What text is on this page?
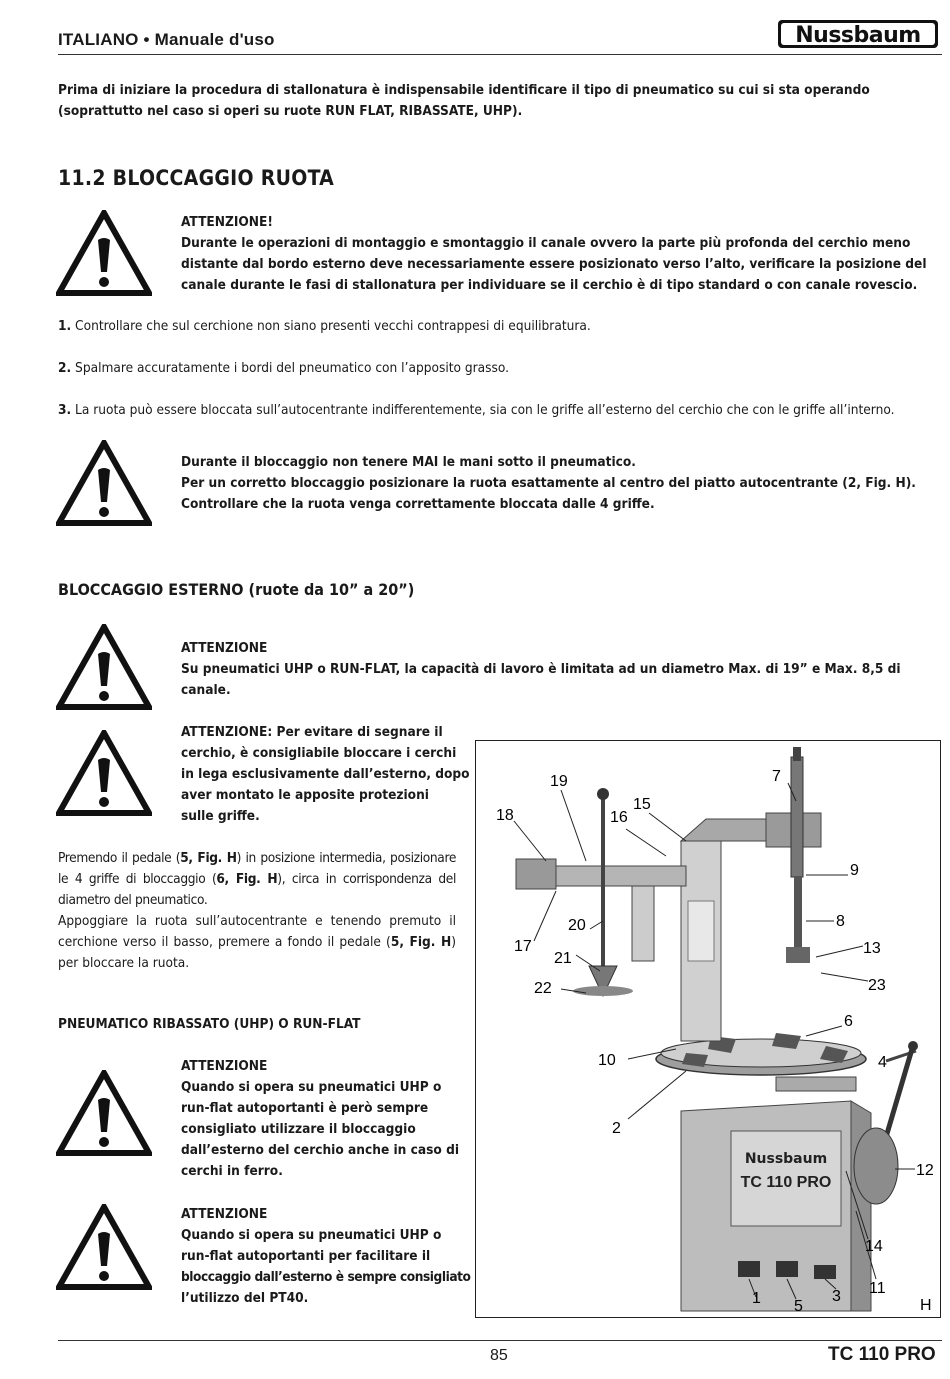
ITALIANO • Manuale d'uso	Nussbaum
Prima di iniziare la procedura di stallonatura è indispensabile identificare il tipo di pneumatico su cui si sta operando (soprattutto nel caso si operi su ruote RUN FLAT, RIBASSATE, UHP).
11.2 BLOCCAGGIO RUOTA
ATTENZIONE!
Durante le operazioni di montaggio e smontaggio il canale ovvero la parte più profonda del cerchio meno distante dal bordo esterno deve necessariamente essere posizionato verso l’alto, verificare la posizione del canale durante le fasi di stallonatura per individuare se il cerchio è di tipo standard o con canale rovescio.
1. Controllare che sul cerchione non siano presenti vecchi contrappesi di equilibratura.
2. Spalmare accuratamente i bordi del pneumatico con l’apposito grasso.
3. La ruota può essere bloccata sull’autocentrante indifferentemente, sia con le griffe all’esterno del cerchio che con le griffe all’interno.
Durante il bloccaggio non tenere MAI le mani sotto il pneumatico.
Per un corretto bloccaggio posizionare la ruota esattamente al centro del piatto autocentrante (2, Fig. H).
Controllare che la ruota venga correttamente bloccata dalle 4 griffe.
BLOCCAGGIO ESTERNO (ruote da 10” a 20”)
ATTENZIONE
Su pneumatici UHP o RUN-FLAT, la capacità di lavoro è limitata ad un diametro Max. di 19” e Max. 8,5 di canale.
ATTENZIONE: Per evitare di segnare il
cerchio, è consigliabile bloccare i cerchi
in lega esclusivamente dall’esterno, dopo
aver montato le apposite protezioni
sulle griffe.
Premendo il pedale (5, Fig. H) in posizione intermedia, posizionare le 4 griffe di bloccaggio (6, Fig. H), circa in corrispondenza del diametro del pneumatico.
Appoggiare la ruota sull’autocentrante e tenendo premuto il cerchione verso il basso, premere a fondo il pedale (5, Fig. H) per bloccare la ruota.
PNEUMATICO RIBASSATO (UHP) O RUN-FLAT
ATTENZIONE
Quando si opera su pneumatici UHP o
run-flat autoportanti è però sempre
consigliato utilizzare il bloccaggio
dall’esterno del cerchio anche in caso di
cerchi in ferro.
ATTENZIONE
Quando si opera su pneumatici UHP o
run-flat autoportanti per facilitare il
bloccaggio dall’esterno è sempre consigliato
l’utilizzo del PT40.
Nussbaum
TC 110 PRO
1
2
3
4
5
6
7
8
9
10
11
12
13
14
15
16
17
18
19
20
21
22	23
H
85	TC 110 PRO
